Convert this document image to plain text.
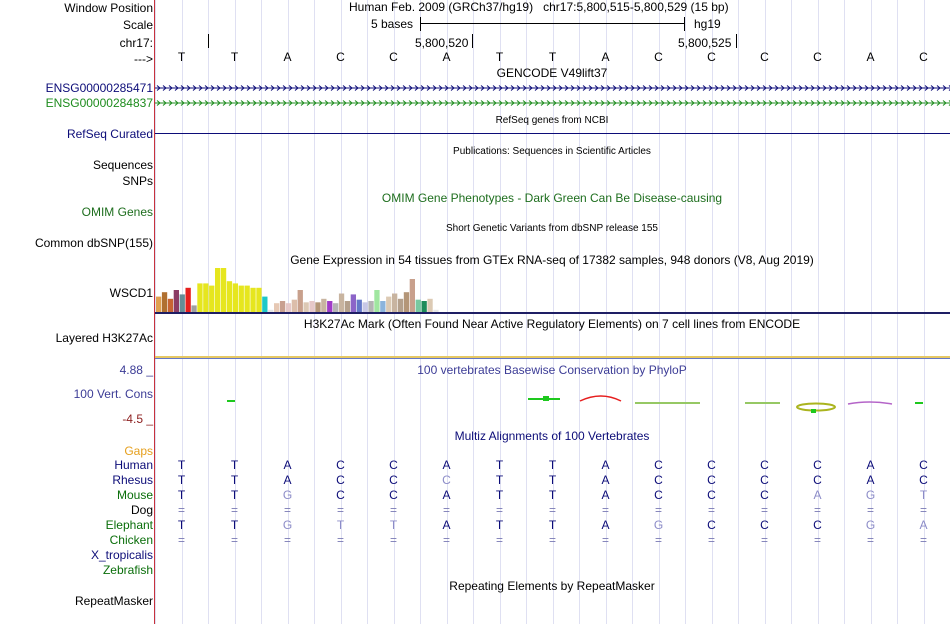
Window Position	Human Feb. 2009 (GRCh37/hg19)   chr17:5,800,515-5,800,529 (15 bp)
Scale	5 bases	hg19
chr17:	5,800,520	5,800,525
---> T	T	A	C	C	A	T	T	A	C	C	C	C	A	C
GENCODE V49lift37
ENSG00000285471
ENSG00000284837
RefSeq genes from NCBI
RefSeq Curated
Publications: Sequences in Scientific Articles
Sequences
SNPs
OMIM Gene Phenotypes - Dark Green Can Be Disease-causing
OMIM Genes
Short Genetic Variants from dbSNP release 155
Common dbSNP(155)
Gene Expression in 54 tissues from GTEx RNA-seq of 17382 samples, 948 donors (V8, Aug 2019)
WSCD1
H3K27Ac Mark (Often Found Near Active Regulatory Elements) on 7 cell lines from ENCODE
Layered H3K27Ac
100 vertebrates Basewise Conservation by PhyloP
4.88 _
100 Vert. Cons
-4.5 _
Multiz Alignments of 100 Vertebrates
Gaps
Human T	T	A	C	C	A	T	T	A	C	C	C	C	A	C
Rhesus T	T	A	C	C	C	T	T	A	C	C	C	C	A	C
Mouse T	T	G	C	C	A	T	T	A	C	C	C	A	G	T
Dog =	=	=	=	=	=	=	=	=	=	=	=	=	=	=
Elephant T	T	G	T	T	A	T	T	A	G	C	C	C	G	A
Chicken =	=	=	=	=	=	=	=	=	=	=	=	=	=	=
X_tropicalis
Zebrafish
Repeating Elements by RepeatMasker
RepeatMasker
